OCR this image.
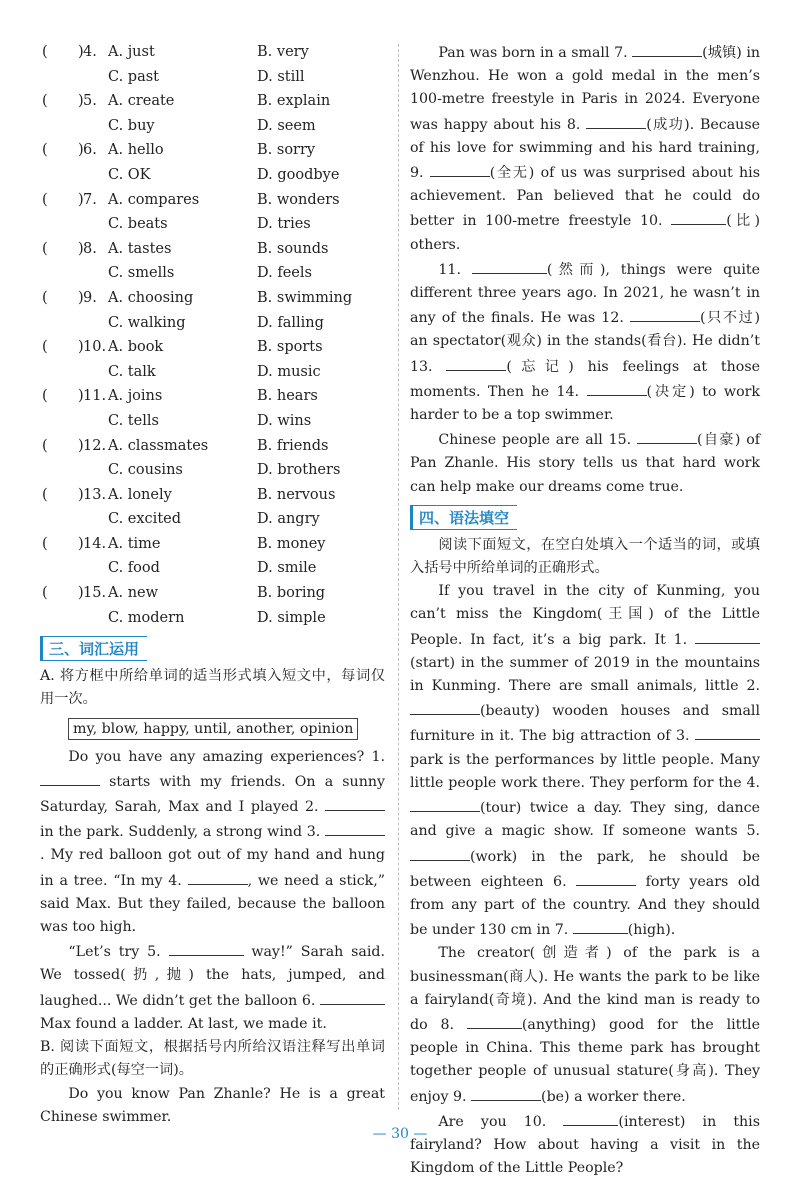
( ) 4. A. just	B. very
C. past	D. still
( ) 5. A. create	B. explain
C. buy	D. seem
( ) 6. A. hello	B. sorry
C. OK	D. goodbye
( ) 7. A. compares	B. wonders
C. beats	D. tries
( ) 8. A. tastes	B. sounds
C. smells	D. feels
( ) 9. A. choosing	B. swimming
C. walking	D. falling
( ) 10. A. book	B. sports
C. talk	D. music
( ) 11. A. joins	B. hears
C. tells	D. wins
( ) 12. A. classmates	B. friends
C. cousins	D. brothers
( ) 13. A. lonely	B. nervous
C. excited	D. angry
( ) 14. A. time	B. money
C. food	D. smile
( ) 15. A. new	B. boring
C. modern	D. simple
三、词汇运用

A. 将方框中所给单词的适当形式填入短文中，每词仅用一次。

my, blow, happy, until, another, opinion

Do you have any amazing experiences? 1.  starts with my friends. On a sunny Saturday, Sarah, Max and I played 2.  in the park. Suddenly, a strong wind 3. . My red balloon got out of my hand and hung in a tree. “In my 4.	, we need a stick,” said Max. But they failed, because the balloon was too high.

“Let’s try 5.	way!” Sarah said. We tossed(扔,抛) the hats, jumped, and laughed... We didn’t get the balloon 6.  Max found a ladder. At last, we made it.

B. 阅读下面短文，根据括号内所给汉语注释写出单词的正确形式(每空一词)。

Do you know Pan Zhanle? He is a great Chinese swimmer.

Pan was born in a small 7.	(城镇) in Wenzhou. He won a gold medal in the men’s 100-metre freestyle in Paris in 2024. Everyone was happy about his 8.	(成功). Because of his love for swimming and his hard training, 9.	(全无) of us was surprised about his achievement. Pan believed that he could do better in 100-metre freestyle 10.	(比) others.

11.	(然而), things were quite different three years ago. In 2021, he wasn’t in any of the finals. He was 12.	(只不过) an spectator(观众) in the stands(看台). He didn’t 13.	(忘记) his feelings at those moments. Then he 14.	(决定) to work harder to be a top swimmer.

Chinese people are all 15.	(自豪) of Pan Zhanle. His story tells us that hard work can help make our dreams come true.

四、语法填空

阅读下面短文，在空白处填入一个适当的词，或填入括号中所给单词的正确形式。

If you travel in the city of Kunming, you can’t miss the Kingdom(王国) of the Little People. In fact, it’s a big park. It 1. (start) in the summer of 2019 in the mountains in Kunming. There are small animals, little 2. (beauty) wooden houses and small furniture in it. The big attraction of 3.  park is the performances by little people. Many little people work there. They perform for the 4. (tour) twice a day. They sing, dance and give a magic show. If someone wants 5. (work) in the park, he should be between eighteen 6.	forty years old from any part of the country. And they should be under 130 cm in 7.	(high).

The creator(创造者) of the park is a businessman(商人). He wants the park to be like a fairyland(奇境). And the kind man is ready to do 8.	(anything) good for the little people in China. This theme park has brought together people of unusual stature(身高). They enjoy 9.	(be) a worker there.

Are you 10.	(interest) in this fairyland? How about having a visit in the Kingdom of the Little People?

— 30 —
